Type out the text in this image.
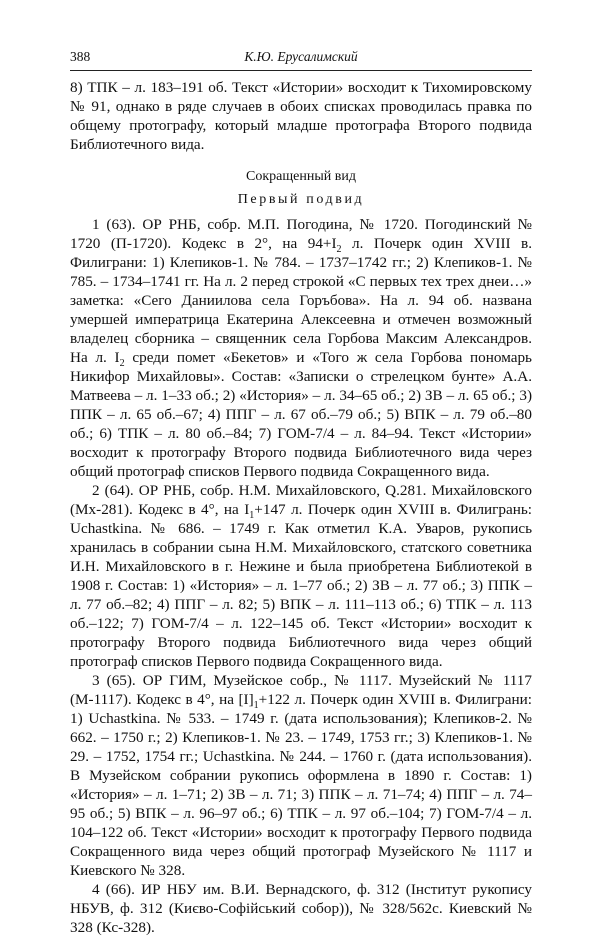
388	К.Ю. Ерусалимский

8) ТПК – л. 183–191 об. Текст «Истории» восходит к Тихомировскому № 91, однако в ряде случаев в обоих списках проводилась правка по общему протографу, который младше протографа Второго подвида Библиотечного вида.

Сокращенный вид
Первый подвид

1 (63). ОР РНБ, собр. М.П. Погодина, № 1720. Погодинский № 1720 (П-1720). Кодекс в 2°, на $94+I_2$ л. Почерк один XVIII в. Филиграни: 1) Клепиков-1. № 784. – 1737–1742 гг.; 2) Клепиков-1. № 785. – 1734–1741 гг. На л. 2 перед строкой «С первых тех трех днеи…» заметка: «Сего Даниилова села Горъбова». На л. 94 об. названа умершей императрица Екатерина Алексеевна и отмечен возможный владелец сборника – священник села Горбова Максим Александров. На л. $I_2$ среди помет «Бекетов» и «Того ж села Горбова пономарь Никифор Михайловы». Состав: «Записки о стрелецком бунте» А.А. Матвеева – л. 1–33 об.; 2) «История» – л. 34–65 об.; 2) ЗВ – л. 65 об.; 3) ППК – л. 65 об.–67; 4) ППГ – л. 67 об.–79 об.; 5) ВПК – л. 79 об.–80 об.; 6) ТПК – л. 80 об.–84; 7) ГОМ-7/4 – л. 84–94. Текст «Истории» восходит к протографу Второго подвида Библиотечного вида через общий протограф списков Первого подвида Сокращенного вида.

2 (64). ОР РНБ, собр. Н.М. Михайловского, Q.281. Михайловского (Мх-281). Кодекс в 4°, на $I_1+147$ л. Почерк один XVIII в. Филигрань: Uchastkina. № 686. – 1749 г. Как отметил К.А. Уваров, рукопись хранилась в собрании сына Н.М. Михайловского, статского советника И.Н. Михайловского в г. Нежине и была приобретена Библиотекой в 1908 г. Состав: 1) «История» – л. 1–77 об.; 2) ЗВ – л. 77 об.; 3) ППК – л. 77 об.–82; 4) ППГ – л. 82; 5) ВПК – л. 111–113 об.; 6) ТПК – л. 113 об.–122; 7) ГОМ-7/4 – л. 122–145 об. Текст «Истории» восходит к протографу Второго подвида Библиотечного вида через общий протограф списков Первого подвида Сокращенного вида.

3 (65). ОР ГИМ, Музейское собр., № 1117. Музейский № 1117 (М-1117). Кодекс в 4°, на $[I]_1+122$ л. Почерк один XVIII в. Филиграни: 1) Uchastkina. № 533. – 1749 г. (дата использования); Клепиков-2. № 662. – 1750 г.; 2) Клепиков-1. № 23. – 1749, 1753 гг.; 3) Клепиков-1. № 29. – 1752, 1754 гг.; Uchastkina. № 244. – 1760 г. (дата использования). В Музейском собрании рукопись оформлена в 1890 г. Состав: 1) «История» – л. 1–71; 2) ЗВ – л. 71; 3) ППК – л. 71–74; 4) ППГ – л. 74–95 об.; 5) ВПК – л. 96–97 об.; 6) ТПК – л. 97 об.–104; 7) ГОМ-7/4 – л. 104–122 об. Текст «Истории» восходит к протографу Первого подвида Сокращенного вида через общий протограф Музейского № 1117 и Киевского № 328.

4 (66). ИР НБУ им. В.И. Вернадского, ф. 312 (Інститут рукопису НБУВ, ф. 312 (Києво-Софійський собор)), № 328/562с. Киевский № 328 (Кс-328).
